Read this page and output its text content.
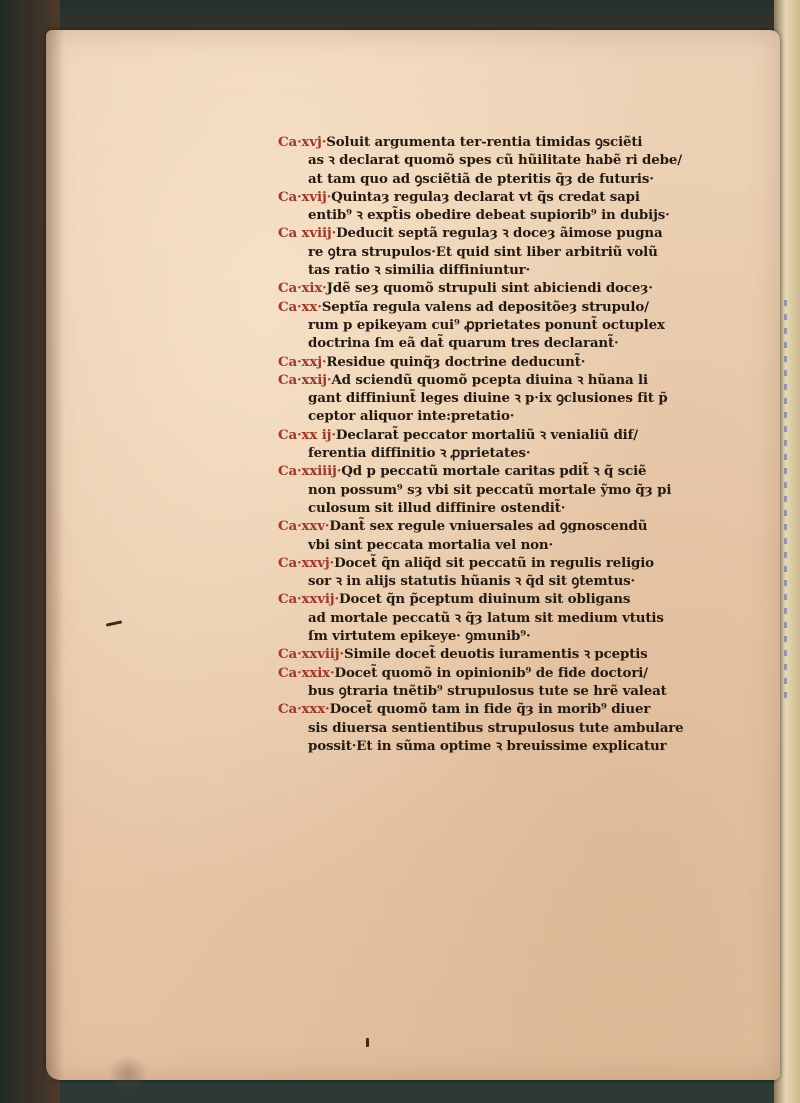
Ca·xvj·Soluit argumenta ter-rentia timidas ꝯsciẽti
as ꝛ declarat quomõ spes cũ hũilitate habẽ ri debe/
at tam quo ad ꝯsciẽtiã de pteritis q̃ȝ de futuris·

Ca·xvij·Quintaȝ regulaȝ declarat vt q̃s credat sapi
entib⁹ ꝛ expt̃is obedire debeat supiorib⁹ in dubijs·

Ca xviij·Deducit septã regulaȝ ꝛ doceȝ ãimose pugna
re ꝯtra strupulos·Et quid sint liber arbitriũ volũ
tas ratio ꝛ similia diffiniuntur·

Ca·xix·Jdẽ seȝ quomõ strupuli sint abiciendi doceȝ·

Ca·xx·Septĩa regula valens ad depositõeȝ strupulo/
rum p epikeyam cui⁹ ꝓprietates ponunt̃ octuplex
doctrina ſm eã dat̃ quarum tres declarant̃·

Ca·xxj·Residue quinq̃ȝ doctrine deducunt̃·

Ca·xxij·Ad sciendũ quomõ pcepta diuina ꝛ hũana li
gant diffiniunt̃ leges diuine ꝛ p·ix ꝯclusiones fit p̃
ceptor aliquor inte:pretatio·

Ca·xx ij·Declarat̃ peccator mortaliũ ꝛ venialiũ dif/
ferentia diffinitio ꝛ ꝓprietates·

Ca·xxiiij·Qd p peccatũ mortale caritas pdit̃ ꝛ q̃ sciẽ
non possum⁹ sȝ vbi sit peccatũ mortale ỹmo q̃ȝ pi
culosum sit illud diffinire ostendit̃·

Ca·xxv·Dant̃ sex regule vniuersales ad ꝯgnoscendũ
vbi sint peccata mortalia vel non·

Ca·xxvj·Docet̃ q̃n aliq̃d sit peccatũ in regulis religio
sor ꝛ in alijs statutis hũanis ꝛ q̃d sit ꝯtemtus·

Ca·xxvij·Docet q̃n p̃ceptum diuinum sit obligans
ad mortale peccatũ ꝛ q̃ȝ latum sit medium vtutis
ſm virtutem epikeye· ꝯmunib⁹·

Ca·xxviij·Simile docet̃ deuotis iuramentis ꝛ pceptis

Ca·xxix·Docet̃ quomõ in opinionib⁹ de fide doctori/
bus ꝯtraria tnẽtib⁹ strupulosus tute se hrẽ valeat

Ca·xxx·Docet̃ quomõ tam in fide q̃ȝ in morib⁹ diuer
sis diuersa sentientibus strupulosus tute ambulare
possit·Et in sũma optime ꝛ breuissime explicatur
